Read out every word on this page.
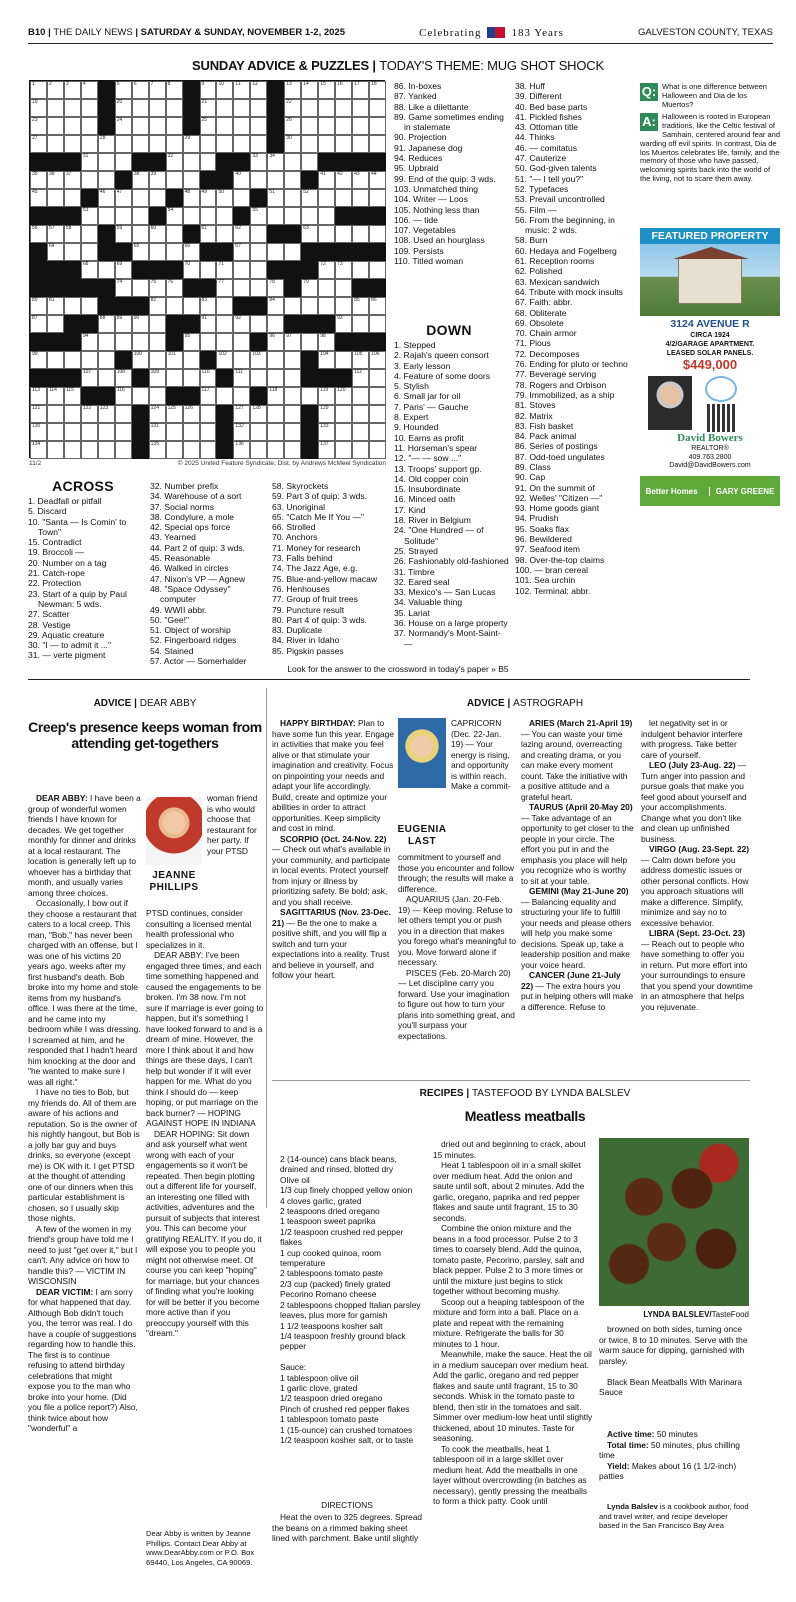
B10 | THE DAILY NEWS | SATURDAY & SUNDAY, NOVEMBER 1-2, 2025	Celebrating	183 Years	GALVESTON COUNTY, TEXAS
SUNDAY ADVICE & PUZZLES | TODAY'S THEME: MUG SHOT SHOCK
1	2	3	4	5	6	7	8	9	10 11 12	13 14 15 16 17 18
19	20	21	22
23	24	25	26
27	28	29	30
31	32	33 34
35 36 37	38 39	40	41 42 43 44
45	46 47	48 49 50	51	52
53	54	55
56 57 58	59	60	61	62	63
64	65	66	67
68	69	70	71	72 73
74	75 76	77	78	79
80 81	82	83	84	85 86
87	88 89 90	91	92	93
94	95	96 97	98
99	100	101	102	103	104	105 106
107	108	109	110	111	112
113 114 115	116	117	118	119 120
121	122 123	124 125 126	127 128	129
130	131	132	133
134	135	136	137
11/2	© 2025 United Feature Syndicate, Dist. by Andrews McMeel Syndication
ACROSS
1. Deadfall or pitfall
5. Discard
10. "Santa — Is Comin' to Town"
15. Contradict
19. Broccoli —
20. Number on a tag
21. Catch-rope
22. Protection
23. Start of a quip by Paul Newman: 5 wds.
27. Scatter
28. Vestige
29. Aquatic creature
30. "I — to admit it ..."
31. — verte pigment
32. Number prefix
34. Warehouse of a sort
37. Social norms
38. Condylure, a mole
42. Special ops force
43. Yearned
44. Part 2 of quip: 3 wds.
45. Reasonable
46. Walked in circles
47. Nixon's VP — Agnew
48. "Space Odyssey" computer
49. WWII abbr.
50. "Gee!"
51. Object of worship
52. Fingerboard ridges
54. Stained
57. Actor — Somerhalder
58. Skyrockets
59. Part 3 of quip: 3 wds.
63. Unoriginal
65. "Catch Me If You —"
66. Strolled
70. Anchors
71. Money for research
73. Falls behind
74. The Jazz Age, e.g.
75. Blue-and-yellow macaw
76. Henhouses
77. Group of fruit trees
79. Puncture result
80. Part 4 of quip: 3 wds.
83. Duplicate
84. River in Idaho
85. Pigskin passes
86. In-boxes
87. Yanked
88. Like a dilettante
89. Game sometimes ending in stalemate
90. Projection
91. Japanese dog
94. Reduces
95. Upbraid
99. End of the quip: 3 wds.
103. Unmatched thing
104. Writer — Loos
105. Nothing less than
106. — tide
107. Vegetables
108. Used an hourglass
109. Persists
110. Titled woman
DOWN
1. Stepped
2. Rajah's queen consort
3. Early lesson
4. Feature of some doors
5. Stylish
6. Small jar for oil
7. Paris' — Gauche
8. Expert
9. Hounded
10. Earns as profit
11. Horseman's spear
12. "— — sow ..."
13. Troops' support gp.
14. Old copper coin
15. Insubordinate
16. Minced oath
17. Kind
18. River in Belgium
24. "One Hundred — of Solitude"
25. Strayed
26. Fashionably old-fashioned
31. Timbre
32. Eared seal
33. Mexico's — San Lucas
34. Valuable thing
35. Lariat
36. House on a large property
37. Normandy's Mont-Saint- —
38. Huff
39. Different
40. Bed base parts
41. Pickled fishes
43. Ottoman title
44. Thinks
46. — comitatus
47. Cauterize
50. God-given talents
51. "— I tell you?"
52. Typefaces
53. Prevail uncontrolled
55. Film —
56. From the beginning, in music: 2 wds.
58. Burn
60. Hedaya and Fogelberg
61. Reception rooms
62. Polished
63. Mexican sandwich
64. Tribute with mock insults
67. Faith: abbr.
68. Obliterate
69. Obsolete
70. Chain armor
71. Pious
72. Decomposes
76. Ending for pluto or techno
77. Beverage serving
78. Rogers and Orbison
79. Immobilized, as a ship
81. Stoves
82. Matrix
83. Fish basket
84. Pack animal
86. Series of postings
87. Odd-toed ungulates
89. Class
90. Cap
91. On the summit of
92. Welles' "Citizen —"
93. Home goods giant
94. Prudish
95. Soaks flax
96. Bewildered
97. Seafood item
98. Over-the-top claims
100. — bran cereal
101. Sea urchin
102. Terminal: abbr.
Look for the answer to the crossword in today's paper » B5
Q: What is one difference between Halloween and Dia de los Muertos?
A: Halloween is rooted in European traditions, like the Celtic festival of Samhain, centered around fear and warding off evil spirits. In contrast, Dia de los Muertos celebrates life, family, and the memory of those who have passed, welcoming spirits back into the world of the living, not to scare them away.
FEATURED PROPERTY
3124 AVENUE R
CIRCA 1924
4/2/GARAGE APARTMENT.
LEASED SOLAR PANELS.
$449,000
David Bowers
REALTOR®
409.763.2800
David@DavidBowers.com
Better Homes	GARY GREENE
ADVICE | DEAR ABBY
Creep's presence keeps woman from attending get-togethers
JEANNE
PHILLIPS

DEAR ABBY: I have been a group of wonderful women friends I have known for decades. We get together monthly for dinner and drinks at a local restaurant. The location is generally left up to whoever has a birthday that month, and usually varies among three choices.

Occasionally, I bow out if they choose a restaurant that caters to a local creep. This man, "Bob," has never been charged with an offense, but I was one of his victims 20 years ago, weeks after my first husband's death. Bob broke into my home and stole items from my husband's office. I was there at the time, and he came into my bedroom while I was dressing. I screamed at him, and he responded that I hadn't heard him knocking at the door and "he wanted to make sure I was all right."

I have no ties to Bob, but my friends do. All of them are aware of his actions and reputation. So is the owner of his nightly hangout, but Bob is a jolly bar guy and buys drinks, so everyone (except me) is OK with it. I get PTSD at the thought of attending one of our dinners when this particular establishment is chosen, so I usually skip those nights.

A few of the women in my friend's group have told me I need to just "get over it," but I can't. Any advice on how to handle this? — VICTIM IN WISCONSIN

DEAR VICTIM: I am sorry for what happened that day. Although Bob didn't touch you, the terror was real. I do have a couple of suggestions regarding how to handle this. The first is to continue refusing to attend birthday celebrations that might expose you to the man who broke into your home. (Did you file a police report?) Also, think twice about how "wonderful" a

woman friend is who would choose that restaurant for her party. If your PTSD

PTSD continues, consider consulting a licensed mental health professional who specializes in it.

DEAR ABBY: I've been engaged three times, and each time something happened and caused the engagements to be broken. I'm 38 now. I'm not sure if marriage is ever going to happen, but it's something I have looked forward to and is a dream of mine. However, the more I think about it and how things are these days, I can't help but wonder if it will ever happen for me. What do you think I should do — keep hoping, or put marriage on the back burner? — HOPING AGAINST HOPE IN INDIANA

DEAR HOPING: Sit down and ask yourself what went wrong with each of your engagements so it won't be repeated. Then begin plotting out a different life for yourself, an interesting one filled with activities, adventures and the pursuit of subjects that interest you. This can become your gratifying REALITY. If you do, it will expose you to people you might not otherwise meet. Of course you can keep "hoping" for marriage, but your chances of finding what you're looking for will be better if you become more active than if you preoccupy yourself with this "dream."

Dear Abby is written by Jeanne Phillips. Contact Dear Abby at www.DearAbby.com or P.O. Box 69440, Los Angeles, CA 90069.
ADVICE | ASTROGRAPH

HAPPY BIRTHDAY: Plan to have some fun this year. Engage in activities that make you feel alive or that stimulate your imagination and creativity. Focus on pinpointing your needs and adapt your life accordingly. Build, create and optimize your abilities in order to attract opportunities. Keep simplicity and cost in mind.

SCORPIO (Oct. 24-Nov. 22) — Check out what's available in your community, and participate in local events. Protect yourself from injury or illness by prioritizing safety. Be bold; ask, and you shall receive.

SAGITTARIUS (Nov. 23-Dec. 21) — Be the one to make a positive shift, and you will flip a switch and turn your expectations into a reality. Trust and believe in yourself, and follow your heart.

EUGENIA
LAST
CAPRICORN (Dec. 22-Jan. 19) — Your energy is rising, and opportunity is within reach. Make a commit-

commitment to yourself and those you encounter and follow through; the results will make a difference.

AQUARIUS (Jan. 20-Feb. 19) — Keep moving. Refuse to let others tempt you or push you in a direction that makes you forego what's meaningful to you. Move forward alone if necessary.

PISCES (Feb. 20-March 20) — Let discipline carry you forward. Use your imagination to figure out how to turn your plans into something great, and you'll surpass your expectations.

ARIES (March 21-April 19) — You can waste your time lazing around, overreacting and creating drama, or you can make every moment count. Take the initiative with a positive attitude and a grateful heart.

TAURUS (April 20-May 20) — Take advantage of an opportunity to get closer to the people in your circle. The effort you put in and the emphasis you place will help you recognize who is worthy to sit at your table.

GEMINI (May 21-June 20) — Balancing equality and structuring your life to fulfill your needs and please others will help you make some decisions. Speak up, take a leadership position and make your voice heard.

CANCER (June 21-July 22) — The extra hours you put in helping others will make a difference. Refuse to

let negativity set in or indulgent behavior interfere with progress. Take better care of yourself.

LEO (July 23-Aug. 22) — Turn anger into passion and pursue goals that make you feel good about yourself and your accomplishments. Change what you don't like and clean up unfinished business.

VIRGO (Aug. 23-Sept. 22) — Calm down before you address domestic issues or other personal conflicts. How you approach situations will make a difference. Simplify, minimize and say no to excessive behavior.

LIBRA (Sept. 23-Oct. 23) — Reach out to people who have something to offer you in return. Put more effort into your surroundings to ensure that you spend your downtime in an atmosphere that helps you rejuvenate.

RECIPES | TASTEFOOD BY LYNDA BALSLEV
Meatless meatballs
2 (14-ounce) cans black beans, drained and rinsed, blotted dry
Olive oil
1/3 cup finely chopped yellow onion
4 cloves garlic, grated
2 teaspoons dried oregano
1 teaspoon sweet paprika
1/2 teaspoon crushed red pepper flakes
1 cup cooked quinoa, room temperature
2 tablespoons tomato paste
2/3 cup (packed) finely grated Pecorino Romano cheese
2 tablespoons chopped Italian parsley leaves, plus more for garnish
1 1/2 teaspoons kosher salt
1/4 teaspoon freshly ground black pepper

Sauce:
1 tablespoon olive oil
1 garlic clove, grated
1/2 teaspoon dried oregano
Pinch of crushed red pepper flakes
1 tablespoon tomato paste
1 (15-ounce) can crushed tomatoes
1/2 teaspoon kosher salt, or to taste
DIRECTIONS

Heat the oven to 325 degrees. Spread the beans on a rimmed baking sheet lined with parchment. Bake until slightly

dried out and beginning to crack, about 15 minutes.

Heat 1 tablespoon oil in a small skillet over medium heat. Add the onion and saute until soft, about 2 minutes. Add the garlic, oregano, paprika and red pepper flakes and saute until fragrant, 15 to 30 seconds.

Combine the onion mixture and the beans in a food processor. Pulse 2 to 3 times to coarsely blend. Add the quinoa, tomato paste, Pecorino, parsley, salt and black pepper. Pulse 2 to 3 more times or until the mixture just begins to stick together without becoming mushy.

Scoop out a heaping tablespoon of the mixture and form into a ball. Place on a plate and repeat with the remaining mixture. Refrigerate the balls for 30 minutes to 1 hour.

Meanwhile, make the sauce. Heat the oil in a medium saucepan over medium heat. Add the garlic, oregano and red pepper flakes and saute until fragrant, 15 to 30 seconds. Whisk in the tomato paste to blend, then stir in the tomatoes and salt. Simmer over medium-low heat until slightly thickened, about 10 minutes. Taste for seasoning.

To cook the meatballs, heat 1 tablespoon oil in a large skillet over medium heat. Add the meatballs in one layer without overcrowding (in batches as necessary), gently pressing the meatballs to form a thick patty. Cook until

LYNDA BALSLEV/TasteFood

browned on both sides, turning once or twice, 8 to 10 minutes. Serve with the warm sauce for dipping, garnished with parsley.

Black Bean Meatballs With Marinara Sauce

Active time: 50 minutes

Total time: 50 minutes, plus chilling time

Yield: Makes about 16 (1 1/2-inch) patties

Lynda Balslev is a cookbook author, food and travel writer, and recipe developer based in the San Francisco Bay Area
